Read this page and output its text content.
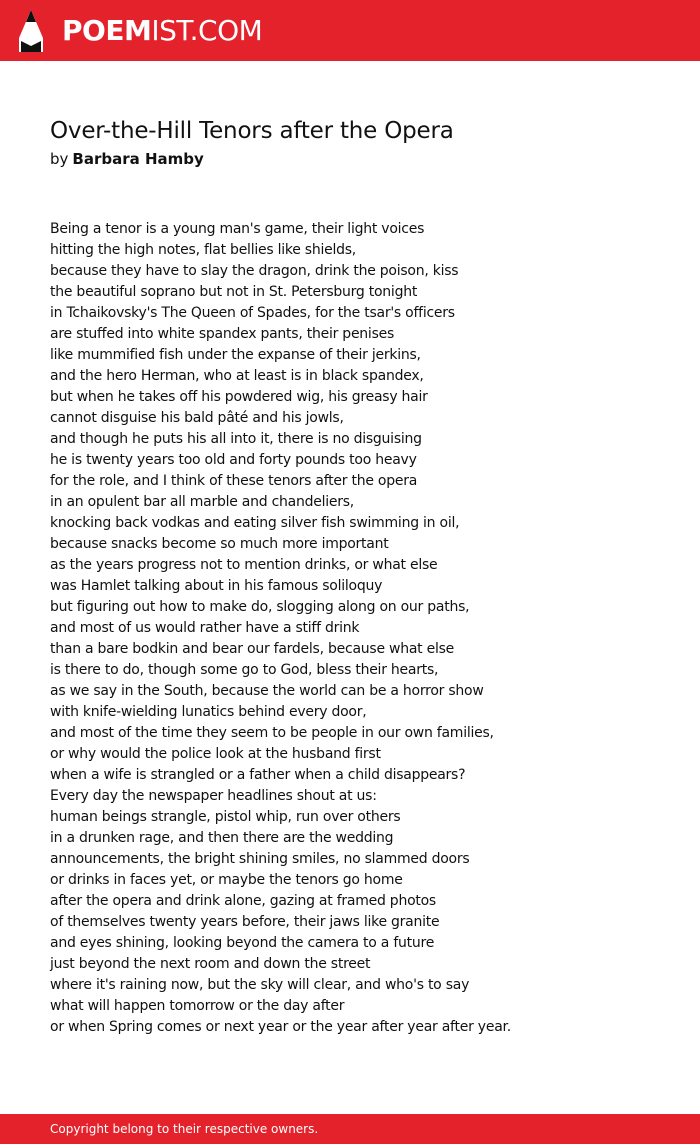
POEMIST.COM
Over-the-Hill Tenors after the Opera
by Barbara Hamby
Being a tenor is a young man's game, their light voices
hitting the high notes, flat bellies like shields,
because they have to slay the dragon, drink the poison, kiss
the beautiful soprano but not in St. Petersburg tonight
in Tchaikovsky's The Queen of Spades, for the tsar's officers
are stuffed into white spandex pants, their penises
like mummified fish under the expanse of their jerkins,
and the hero Herman, who at least is in black spandex,
but when he takes off his powdered wig, his greasy hair
cannot disguise his bald pâté and his jowls,
and though he puts his all into it, there is no disguising
he is twenty years too old and forty pounds too heavy
for the role, and I think of these tenors after the opera
in an opulent bar all marble and chandeliers,
knocking back vodkas and eating silver fish swimming in oil,
because snacks become so much more important
as the years progress not to mention drinks, or what else
was Hamlet talking about in his famous soliloquy
but figuring out how to make do, slogging along on our paths,
and most of us would rather have a stiff drink
than a bare bodkin and bear our fardels, because what else
is there to do, though some go to God, bless their hearts,
as we say in the South, because the world can be a horror show
with knife-wielding lunatics behind every door,
and most of the time they seem to be people in our own families,
or why would the police look at the husband first
when a wife is strangled or a father when a child disappears?
Every day the newspaper headlines shout at us:
human beings strangle, pistol whip, run over others
in a drunken rage, and then there are the wedding
announcements, the bright shining smiles, no slammed doors
or drinks in faces yet, or maybe the tenors go home
after the opera and drink alone, gazing at framed photos
of themselves twenty years before, their jaws like granite
and eyes shining, looking beyond the camera to a future
just beyond the next room and down the street
where it's raining now, but the sky will clear, and who's to say
what will happen tomorrow or the day after
or when Spring comes or next year or the year after year after year.
Copyright belong to their respective owners.
